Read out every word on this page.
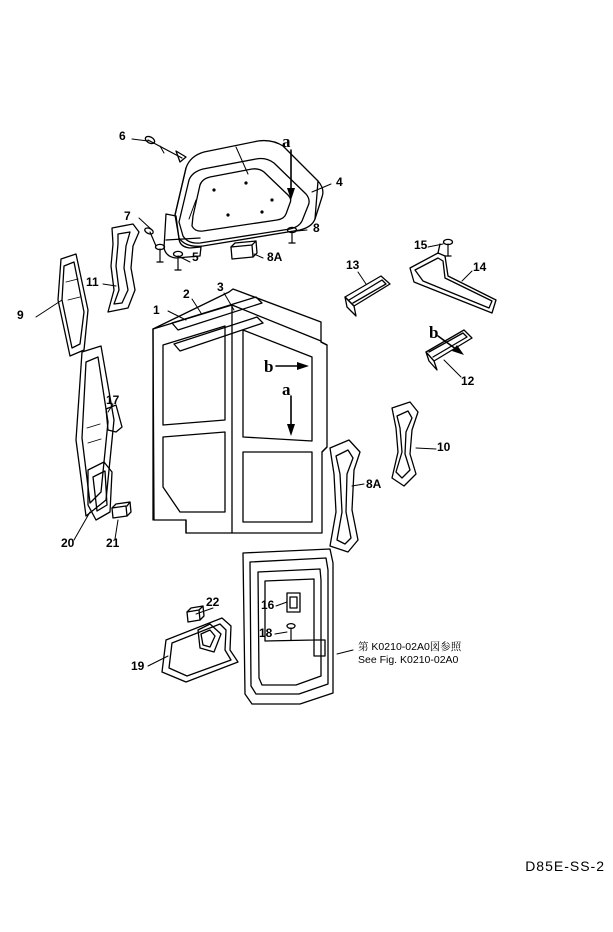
6
7
4
8
8A
5
1
2 3
9
11
17
20	21
10
13	14
15
12
16
18
19
22
8A
a
a
b
b
第 K0210-02A0図参照
See Fig. K0210-02A0
D85E-SS-2
